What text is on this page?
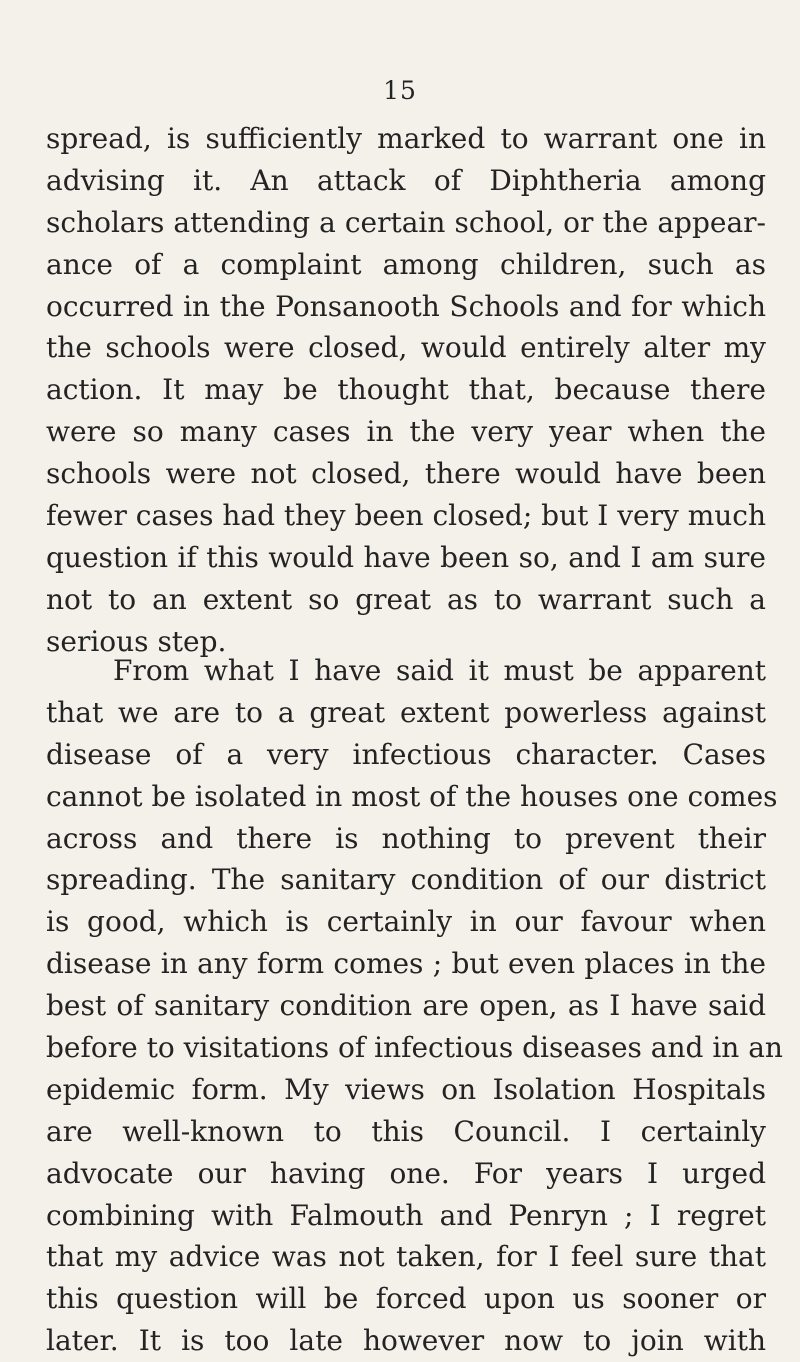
15
spread, is sufficiently marked to warrant one in
advising it. An attack of Diphtheria among
scholars attending a certain school, or the appear-
ance of a complaint among children, such as
occurred in the Ponsanooth Schools and for which
the schools were closed, would entirely alter my
action. It may be thought that, because there
were so many cases in the very year when the
schools were not closed, there would have been
fewer cases had they been closed; but I very much
question if this would have been so, and I am sure
not to an extent so great as to warrant such a
serious step.
From what I have said it must be apparent
that we are to a great extent powerless against
disease of a very infectious character. Cases
cannot be isolated in most of the houses one comes
across and there is nothing to prevent their
spreading. The sanitary condition of our district
is good, which is certainly in our favour when
disease in any form comes ; but even places in the
best of sanitary condition are open, as I have said
before to visitations of infectious diseases and in an
epidemic form. My views on Isolation Hospitals
are well-known to this Council. I certainly
advocate our having one. For years I urged
combining with Falmouth and Penryn ; I regret
that my advice was not taken, for I feel sure that
this question will be forced upon us sooner or
later. It is too late however now to join with
